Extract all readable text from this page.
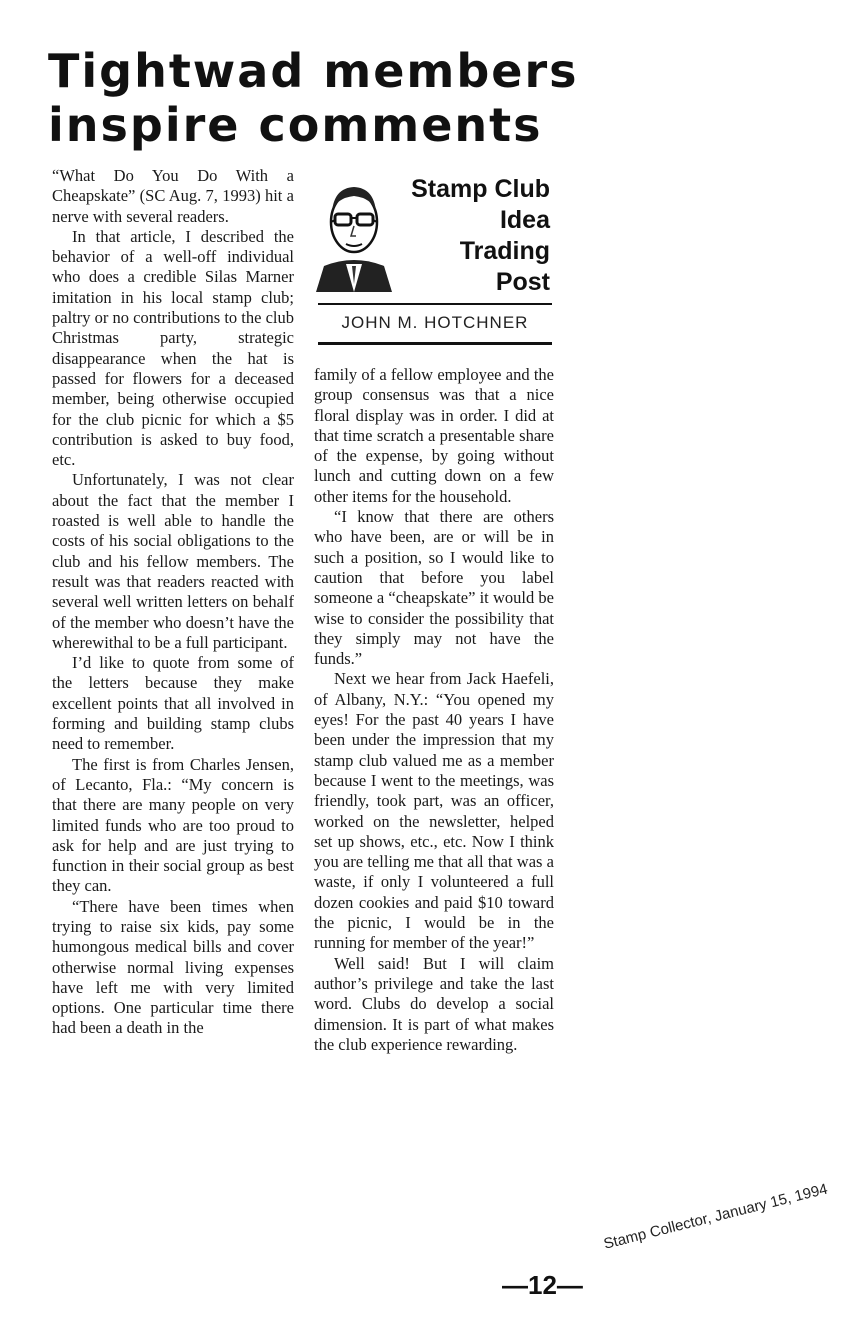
Tightwad members
inspire comments

“What Do You Do With a Cheapskate” (SC Aug. 7, 1993) hit a nerve with several readers.

In that article, I described the behavior of a well-off individual who does a credible Silas Marner imitation in his local stamp club; paltry or no contributions to the club Christmas party, strategic disappearance when the hat is passed for flowers for a deceased member, being otherwise occupied for the club picnic for which a $5 contribution is asked to buy food, etc.

Unfortunately, I was not clear about the fact that the member I roasted is well able to handle the costs of his social obligations to the club and his fellow members. The result was that readers reacted with several well written letters on behalf of the member who doesn’t have the wherewithal to be a full participant.

I’d like to quote from some of the letters because they make excellent points that all involved in forming and building stamp clubs need to remember.

The first is from Charles Jensen, of Lecanto, Fla.: “My concern is that there are many people on very limited funds who are too proud to ask for help and are just trying to function in their social group as best they can.

“There have been times when trying to raise six kids, pay some humongous medical bills and cover otherwise normal living expenses have left me with very limited options. One particular time there had been a death in the

Stamp Club
Idea
Trading
Post
JOHN M. HOTCHNER

family of a fellow employee and the group consensus was that a nice floral display was in order. I did at that time scratch a presentable share of the expense, by going without lunch and cutting down on a few other items for the household.

“I know that there are others who have been, are or will be in such a position, so I would like to caution that before you label someone a “cheapskate” it would be wise to consider the possibility that they simply may not have the funds.”

Next we hear from Jack Haefeli, of Albany, N.Y.: “You opened my eyes! For the past 40 years I have been under the impression that my stamp club valued me as a member because I went to the meetings, was friendly, took part, was an officer, worked on the newsletter, helped set up shows, etc., etc. Now I think you are telling me that all that was a waste, if only I volunteered a full dozen cookies and paid $10 toward the picnic, I would be in the running for member of the year!”

Well said! But I will claim author’s privilege and take the last word. Clubs do develop a social dimension. It is part of what makes the club experience rewarding.

—12—
Stamp Collector, January 15, 1994
